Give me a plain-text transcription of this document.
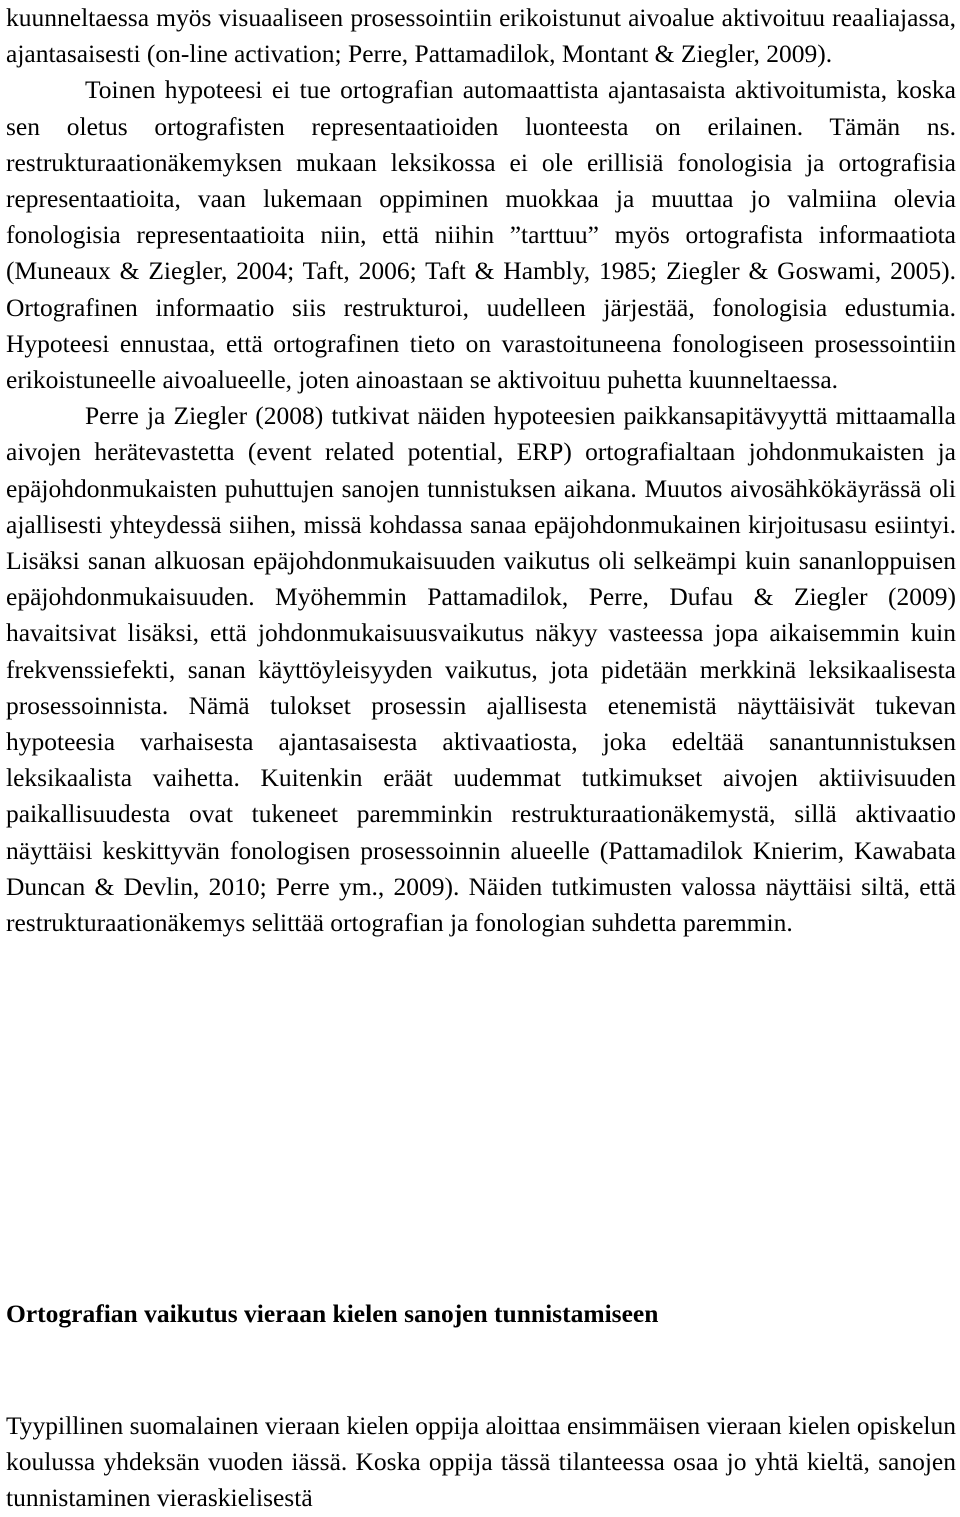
kuunneltaessa myös visuaaliseen prosessointiin erikoistunut aivoalue aktivoituu reaaliajassa, ajantasaisesti (on-line activation; Perre, Pattamadilok, Montant & Ziegler, 2009).

Toinen hypoteesi ei tue ortografian automaattista ajantasaista aktivoitumista, koska sen oletus ortografisten representaatioiden luonteesta on erilainen. Tämän ns. restrukturaationäkemyksen mukaan leksikossa ei ole erillisiä fonologisia ja ortografisia representaatioita, vaan lukemaan oppiminen muokkaa ja muuttaa jo valmiina olevia fonologisia representaatioita niin, että niihin ”tarttuu” myös ortografista informaatiota (Muneaux & Ziegler, 2004; Taft, 2006; Taft & Hambly, 1985; Ziegler & Goswami, 2005). Ortografinen informaatio siis restrukturoi, uudelleen järjestää, fonologisia edustumia. Hypoteesi ennustaa, että ortografinen tieto on varastoituneena fonologiseen prosessointiin erikoistuneelle aivoalueelle, joten ainoastaan se aktivoituu puhetta kuunneltaessa.

Perre ja Ziegler (2008) tutkivat näiden hypoteesien paikkansapitävyyttä mittaamalla aivojen herätevastetta (event related potential, ERP) ortografialtaan johdonmukaisten ja epäjohdonmukaisten puhuttujen sanojen tunnistuksen aikana. Muutos aivosähkökäyrässä oli ajallisesti yhteydessä siihen, missä kohdassa sanaa epäjohdonmukainen kirjoitusasu esiintyi. Lisäksi sanan alkuosan epäjohdonmukaisuuden vaikutus oli selkeämpi kuin sananloppuisen epäjohdonmukaisuuden. Myöhemmin Pattamadilok, Perre, Dufau & Ziegler (2009) havaitsivat lisäksi, että johdonmukaisuusvaikutus näkyy vasteessa jopa aikaisemmin kuin frekvenssiefekti, sanan käyttöyleisyyden vaikutus, jota pidetään merkkinä leksikaalisesta prosessoinnista. Nämä tulokset prosessin ajallisesta etenemistä näyttäisivät tukevan hypoteesia varhaisesta ajantasaisesta aktivaatiosta, joka edeltää sanantunnistuksen leksikaalista vaihetta. Kuitenkin eräät uudemmat tutkimukset aivojen aktiivisuuden paikallisuudesta ovat tukeneet paremminkin restrukturaationäkemystä, sillä aktivaatio näyttäisi keskittyvän fonologisen prosessoinnin alueelle (Pattamadilok Knierim, Kawabata Duncan & Devlin, 2010; Perre ym., 2009). Näiden tutkimusten valossa näyttäisi siltä, että restrukturaationäkemys selittää ortografian ja fonologian suhdetta paremmin.

Ortografian vaikutus vieraan kielen sanojen tunnistamiseen

Tyypillinen suomalainen vieraan kielen oppija aloittaa ensimmäisen vieraan kielen opiskelun koulussa yhdeksän vuoden iässä. Koska oppija tässä tilanteessa osaa jo yhtä kieltä, sanojen tunnistaminen vieraskielisestä
